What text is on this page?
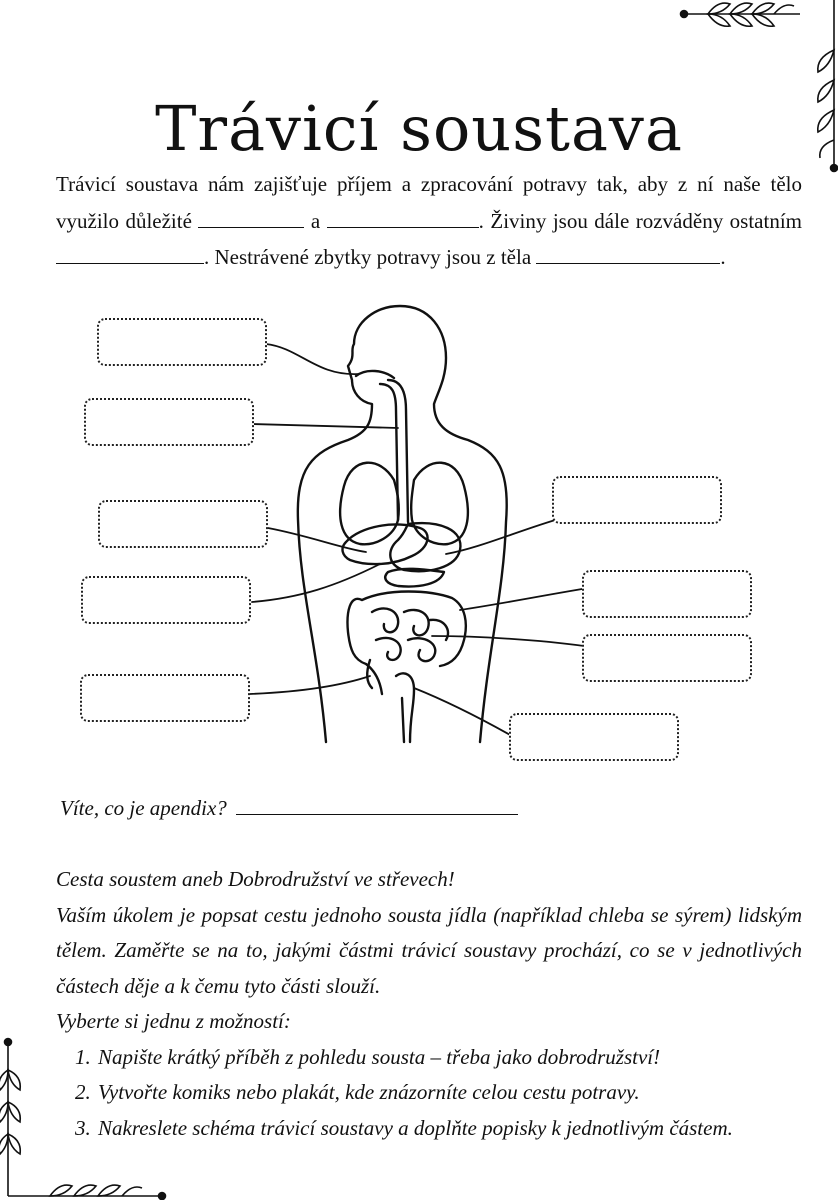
Trávicí soustava

Trávicí soustava nám zajišťuje příjem a zpracování potravy tak, aby z ní naše tělo využilo důležité	a	. Živiny jsou dále rozváděny ostatním . Nestrávené zbytky potravy jsou z těla	.

Víte, co je apendix?

Cesta soustem aneb Dobrodružství ve střevech!

Vaším úkolem je popsat cestu jednoho sousta jídla (například chleba se sýrem) lidským tělem. Zaměřte se na to, jakými částmi trávicí soustavy prochází, co se v jednotlivých částech děje a k čemu tyto části slouží.

Vyberte si jednu z možností:

1. Napište krátký příběh z pohledu sousta – třeba jako dobrodružství!
2. Vytvořte komiks nebo plakát, kde znázorníte celou cestu potravy.
3. Nakreslete schéma trávicí soustavy a doplňte popisky k jednotlivým částem.
